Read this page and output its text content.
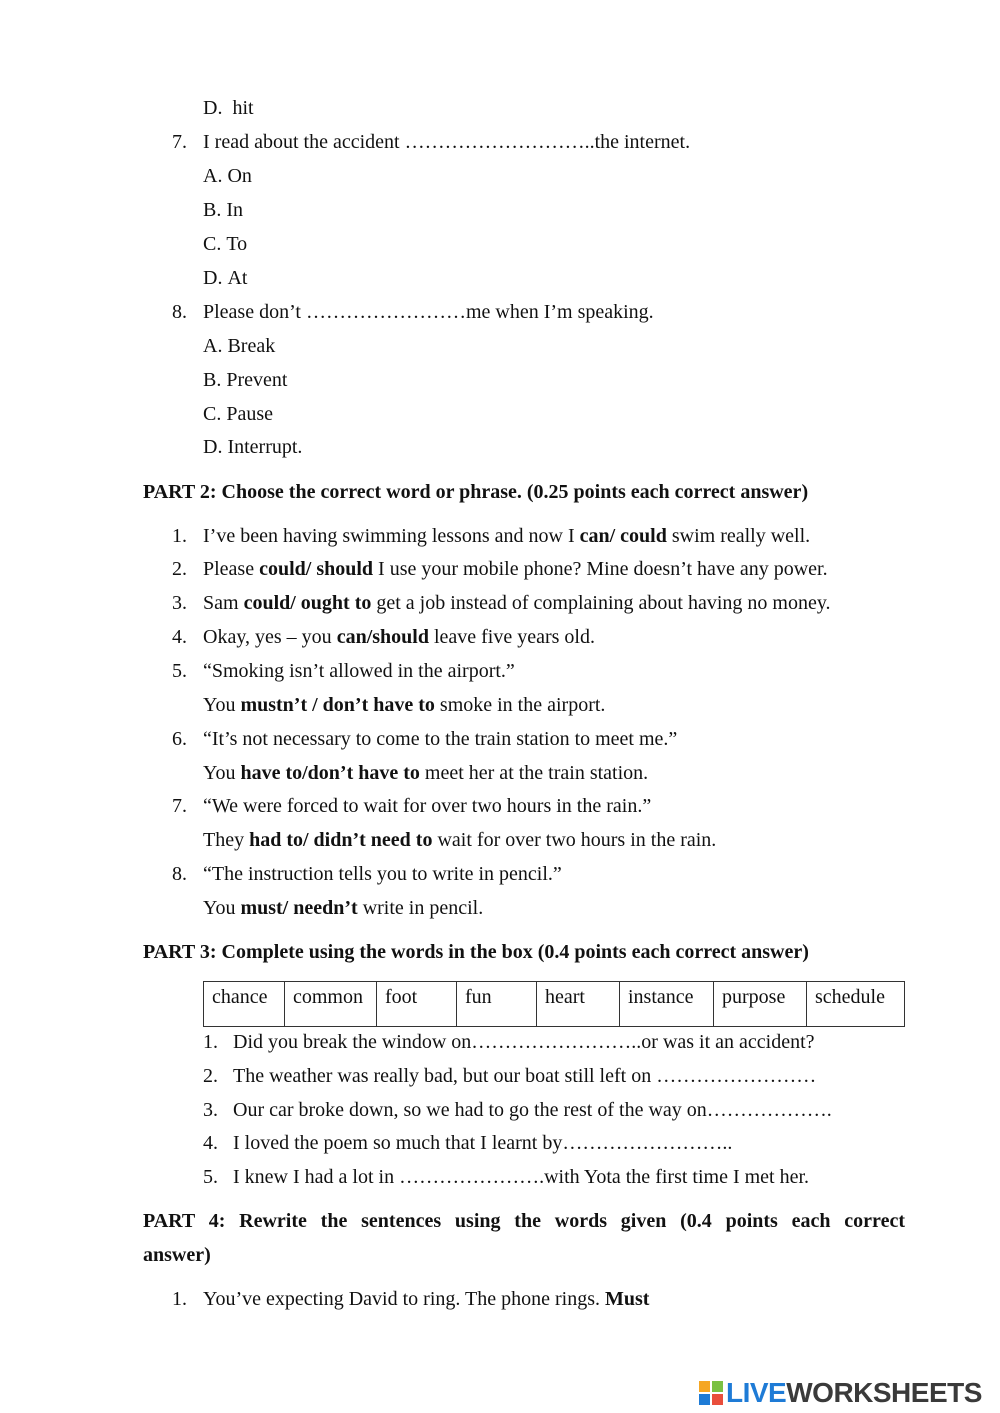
D. hit
7. I read about the accident ………………………..the internet.
A. On
B. In
C. To
D. At
8. Please don’t ……………………me when I’m speaking.
A. Break
B. Prevent
C. Pause
D. Interrupt.
PART 2: Choose the correct word or phrase. (0.25 points each correct answer)
1. I’ve been having swimming lessons and now I can/ could swim really well.
2. Please could/ should I use your mobile phone? Mine doesn’t have any power.
3. Sam could/ ought to get a job instead of complaining about having no money.
4. Okay, yes – you can/should leave five years old.
5. “Smoking isn’t allowed in the airport.”
You mustn’t / don’t have to smoke in the airport.
6. “It’s not necessary to come to the train station to meet me.”
You have to/don’t have to meet her at the train station.
7. “We were forced to wait for over two hours in the rain.”
They had to/ didn’t need to wait for over two hours in the rain.
8. “The instruction tells you to write in pencil.”
You must/ needn’t write in pencil.
PART 3: Complete using the words in the box (0.4 points each correct answer)
chance	common	foot	fun	heart	instance	purpose	schedule
1. Did you break the window on……………………..or was it an accident?
2. The weather was really bad, but our boat still left on ……………………
3. Our car broke down, so we had to go the rest of the way on……………….
4. I loved the poem so much that I learnt by……………………..
5. I knew I had a lot in ………………….with Yota the first time I met her.
PART 4: Rewrite the sentences using the words given (0.4 points each correct
answer)
1. You’ve expecting David to ring. The phone rings. Must
LIVEWORKSHEETS
